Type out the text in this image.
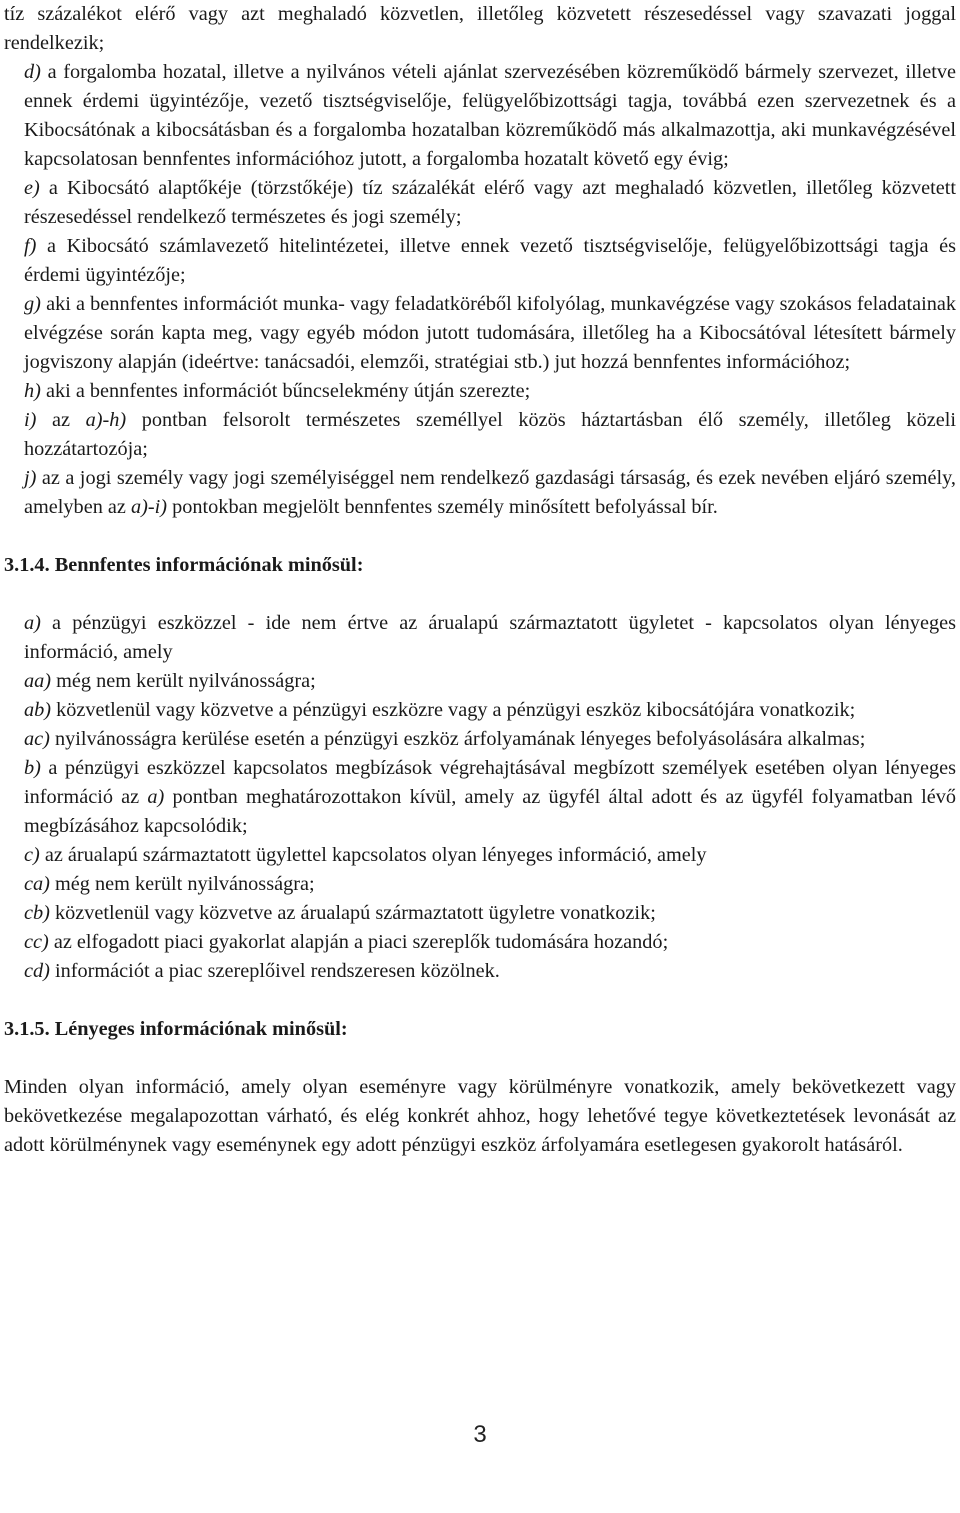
tíz százalékot elérő vagy azt meghaladó közvetlen, illetőleg közvetett részesedéssel vagy szavazati joggal rendelkezik;

d) a forgalomba hozatal, illetve a nyilvános vételi ajánlat szervezésében közreműködő bármely szervezet, illetve ennek érdemi ügyintézője, vezető tisztségviselője, felügyelőbizottsági tagja, továbbá ezen szervezetnek és a Kibocsátónak a kibocsátásban és a forgalomba hozatalban közreműködő más alkalmazottja, aki munkavégzésével kapcsolatosan bennfentes információhoz jutott, a forgalomba hozatalt követő egy évig;

e) a Kibocsátó alaptőkéje (törzstőkéje) tíz százalékát elérő vagy azt meghaladó közvetlen, illetőleg közvetett részesedéssel rendelkező természetes és jogi személy;

f) a Kibocsátó számlavezető hitelintézetei, illetve ennek vezető tisztségviselője, felügyelőbizottsági tagja és érdemi ügyintézője;

g) aki a bennfentes információt munka- vagy feladatköréből kifolyólag, munkavégzése vagy szokásos feladatainak elvégzése során kapta meg, vagy egyéb módon jutott tudomására, illetőleg ha a Kibocsátóval létesített bármely jogviszony alapján (ideértve: tanácsadói, elemzői, stratégiai stb.) jut hozzá bennfentes információhoz;

h) aki a bennfentes információt bűncselekmény útján szerezte;

i) az a)-h) pontban felsorolt természetes személlyel közös háztartásban élő személy, illetőleg közeli hozzátartozója;

j) az a jogi személy vagy jogi személyiséggel nem rendelkező gazdasági társaság, és ezek nevében eljáró személy, amelyben az a)-i) pontokban megjelölt bennfentes személy minősített befolyással bír.

3.1.4. Bennfentes információnak minősül:

a) a pénzügyi eszközzel - ide nem értve az árualapú származtatott ügyletet - kapcsolatos olyan lényeges információ, amely

aa) még nem került nyilvánosságra;

ab) közvetlenül vagy közvetve a pénzügyi eszközre vagy a pénzügyi eszköz kibocsátójára vonatkozik;

ac) nyilvánosságra kerülése esetén a pénzügyi eszköz árfolyamának lényeges befolyásolására alkalmas;

b) a pénzügyi eszközzel kapcsolatos megbízások végrehajtásával megbízott személyek esetében olyan lényeges információ az a) pontban meghatározottakon kívül, amely az ügyfél által adott és az ügyfél folyamatban lévő megbízásához kapcsolódik;

c) az árualapú származtatott ügylettel kapcsolatos olyan lényeges információ, amely

ca) még nem került nyilvánosságra;

cb) közvetlenül vagy közvetve az árualapú származtatott ügyletre vonatkozik;

cc) az elfogadott piaci gyakorlat alapján a piaci szereplők tudomására hozandó;

cd) információt a piac szereplőivel rendszeresen közölnek.

3.1.5. Lényeges információnak minősül:

Minden olyan információ, amely olyan eseményre vagy körülményre vonatkozik, amely bekövetkezett vagy bekövetkezése megalapozottan várható, és elég konkrét ahhoz, hogy lehetővé tegye következtetések levonását az adott körülménynek vagy eseménynek egy adott pénzügyi eszköz árfolyamára esetlegesen gyakorolt hatásáról.

3
